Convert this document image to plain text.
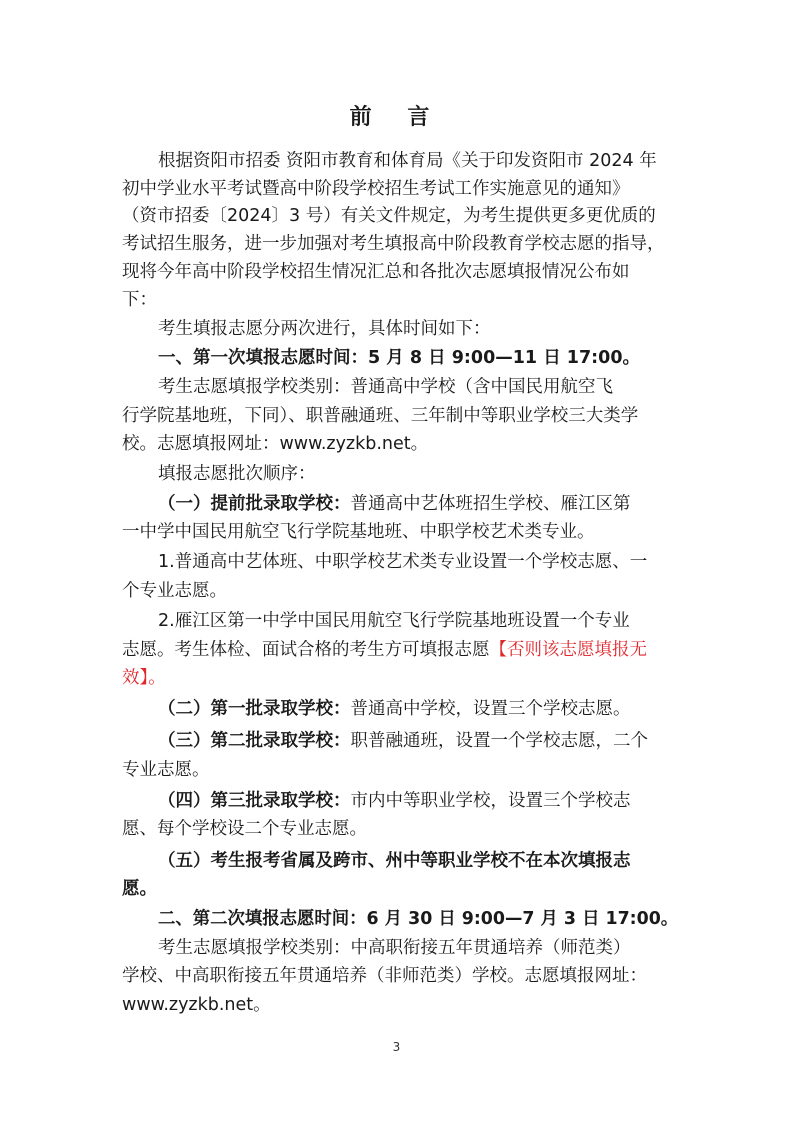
前 言
根据资阳市招委 资阳市教育和体育局《关于印发资阳市 2024 年
初中学业水平考试暨高中阶段学校招生考试工作实施意见的通知》
（资市招委〔2024〕3 号）有关文件规定，为考生提供更多更优质的
考试招生服务，进一步加强对考生填报高中阶段教育学校志愿的指导，
现将今年高中阶段学校招生情况汇总和各批次志愿填报情况公布如
下：
考生填报志愿分两次进行，具体时间如下：
一、第一次填报志愿时间：5 月 8 日 9:00—11 日 17:00。
考生志愿填报学校类别：普通高中学校（含中国民用航空飞
行学院基地班，下同）、职普融通班、三年制中等职业学校三大类学
校。志愿填报网址：www.zyzkb.net。
填报志愿批次顺序：
（一）提前批录取学校：普通高中艺体班招生学校、雁江区第
一中学中国民用航空飞行学院基地班、中职学校艺术类专业。
1.普通高中艺体班、中职学校艺术类专业设置一个学校志愿、一
个专业志愿。
2.雁江区第一中学中国民用航空飞行学院基地班设置一个专业
志愿。考生体检、面试合格的考生方可填报志愿【否则该志愿填报无
效】。
（二）第一批录取学校：普通高中学校，设置三个学校志愿。
（三）第二批录取学校：职普融通班，设置一个学校志愿，二个
专业志愿。
（四）第三批录取学校：市内中等职业学校，设置三个学校志
愿、每个学校设二个专业志愿。
（五）考生报考省属及跨市、州中等职业学校不在本次填报志
愿。
二、第二次填报志愿时间：6 月 30 日 9:00—7 月 3 日 17:00。
考生志愿填报学校类别：中高职衔接五年贯通培养（师范类）
学校、中高职衔接五年贯通培养（非师范类）学校。志愿填报网址：
www.zyzkb.net。
3
